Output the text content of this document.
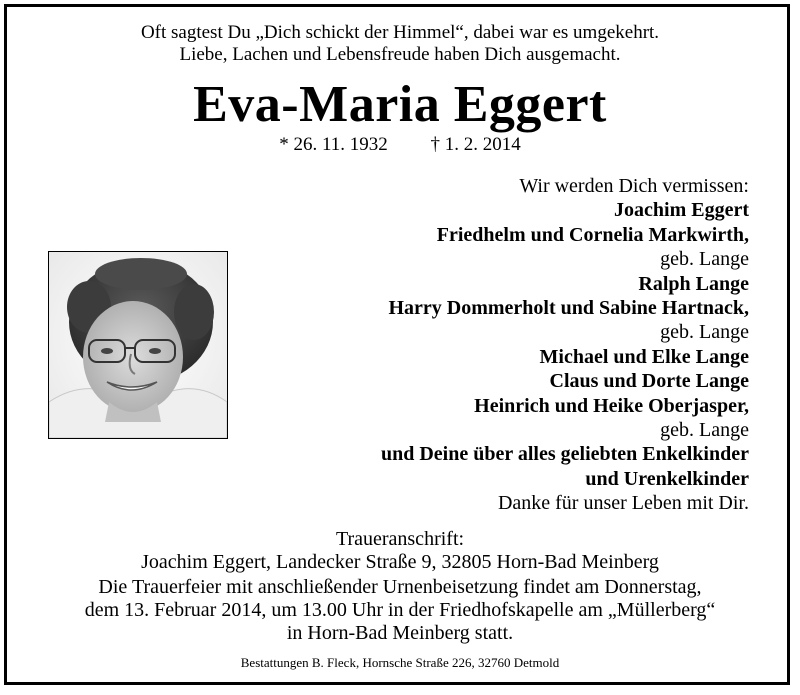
Oft sagtest Du „Dich schickt der Himmel“, dabei war es umgekehrt.
Liebe, Lachen und Lebensfreude haben Dich ausgemacht.
Eva-Maria Eggert
* 26. 11. 1932 † 1. 2. 2014
Wir werden Dich vermissen:
Joachim Eggert
Friedhelm und Cornelia Markwirth,
geb. Lange
Ralph Lange
Harry Dommerholt und Sabine Hartnack,
geb. Lange
Michael und Elke Lange
Claus und Dorte Lange
Heinrich und Heike Oberjasper,
geb. Lange
und Deine über alles geliebten Enkelkinder
und Urenkelkinder
Danke für unser Leben mit Dir.

Traueranschrift:

Joachim Eggert, Landecker Straße 9, 32805 Horn-Bad Meinberg

Die Trauerfeier mit anschließender Urnenbeisetzung findet am Donnerstag,

dem 13. Februar 2014, um 13.00 Uhr in der Friedhofskapelle am „Müllerberg“

in Horn-Bad Meinberg statt.

Bestattungen B. Fleck, Hornsche Straße 226, 32760 Detmold
